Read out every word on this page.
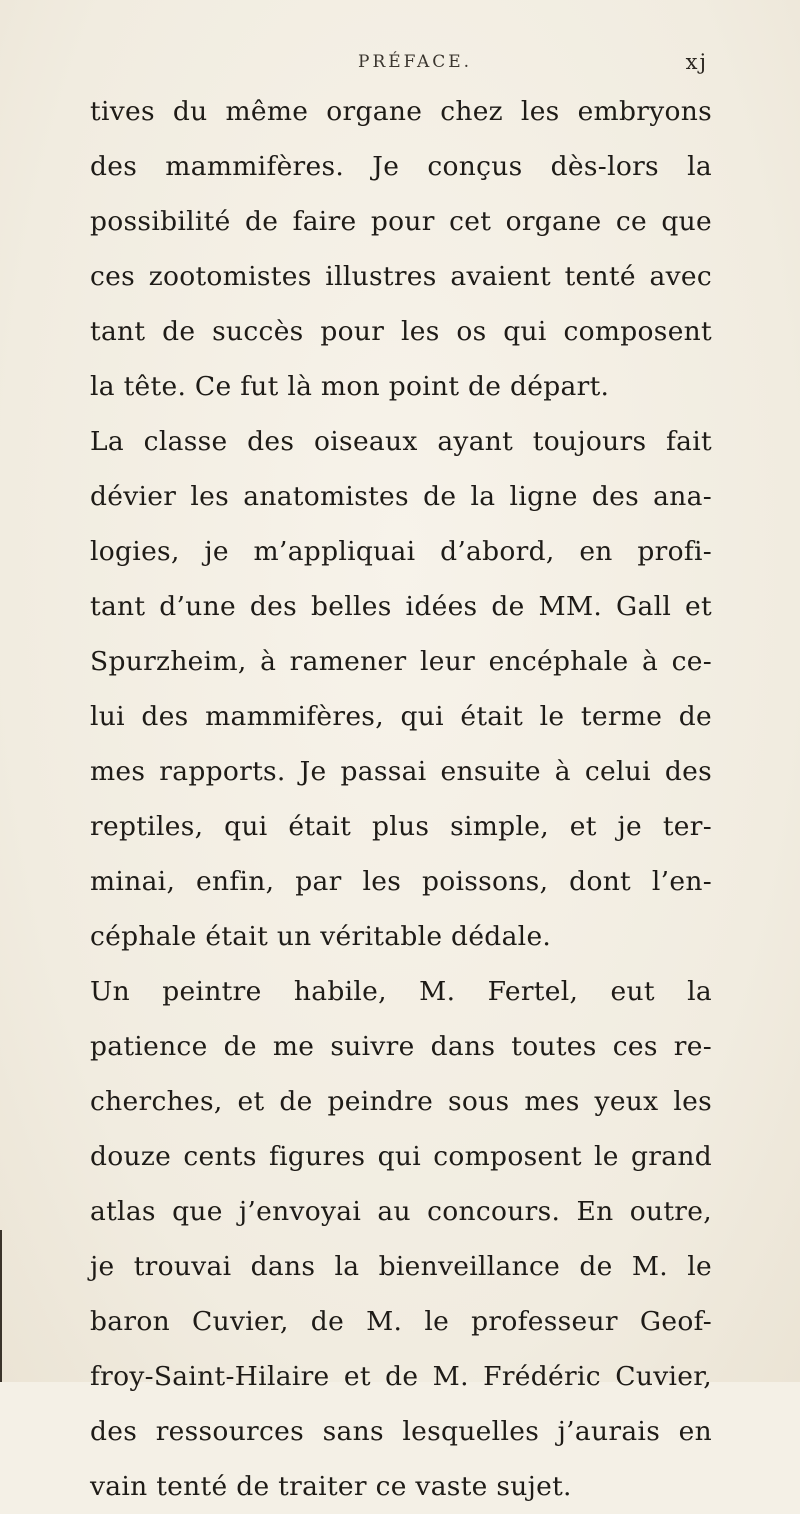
PRÉFACE.	xj
tives du même organe chez les embryons
des mammifères. Je conçus dès-lors la
possibilité de faire pour cet organe ce que
ces zootomistes illustres avaient tenté avec
tant de succès pour les os qui composent
la tête. Ce fut là mon point de départ.
La classe des oiseaux ayant toujours fait
dévier les anatomistes de la ligne des ana-
logies, je m’appliquai d’abord, en profi-
tant d’une des belles idées de MM. Gall et
Spurzheim, à ramener leur encéphale à ce-
lui des mammifères, qui était le terme de
mes rapports. Je passai ensuite à celui des
reptiles, qui était plus simple, et je ter-
minai, enfin, par les poissons, dont l’en-
céphale était un véritable dédale.
Un peintre habile, M. Fertel, eut la
patience de me suivre dans toutes ces re-
cherches, et de peindre sous mes yeux les
douze cents figures qui composent le grand
atlas que j’envoyai au concours. En outre,
je trouvai dans la bienveillance de M. le
baron Cuvier, de M. le professeur Geof-
froy-Saint-Hilaire et de M. Frédéric Cuvier,
des ressources sans lesquelles j’aurais en
vain tenté de traiter ce vaste sujet.
